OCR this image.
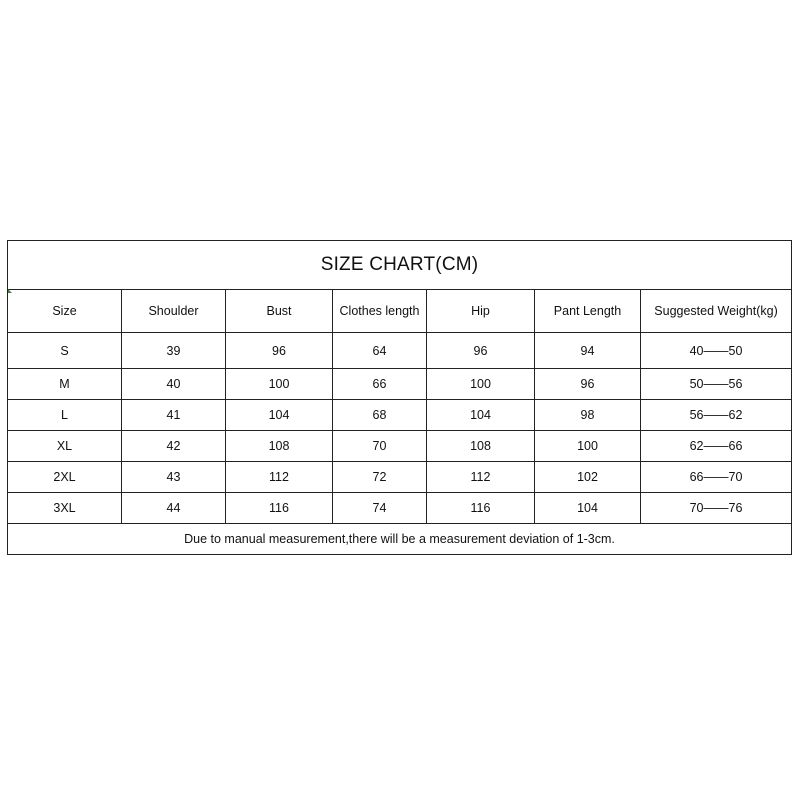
SIZE CHART(CM)						

Size	Shoulder	Bust	Clothes length	Hip	Pant Length	Suggested Weight(kg)
S	39	96	64	96	94	40——50
M	40	100	66	100	96	50——56
L	41	104	68	104	98	56——62
XL	42	108	70	108	100	62——66
2XL	43	112	72	112	102	66——70
3XL	44	116	74	116	104	70——76
Due to manual measurement,there will be a measurement deviation of 1-3cm.						
